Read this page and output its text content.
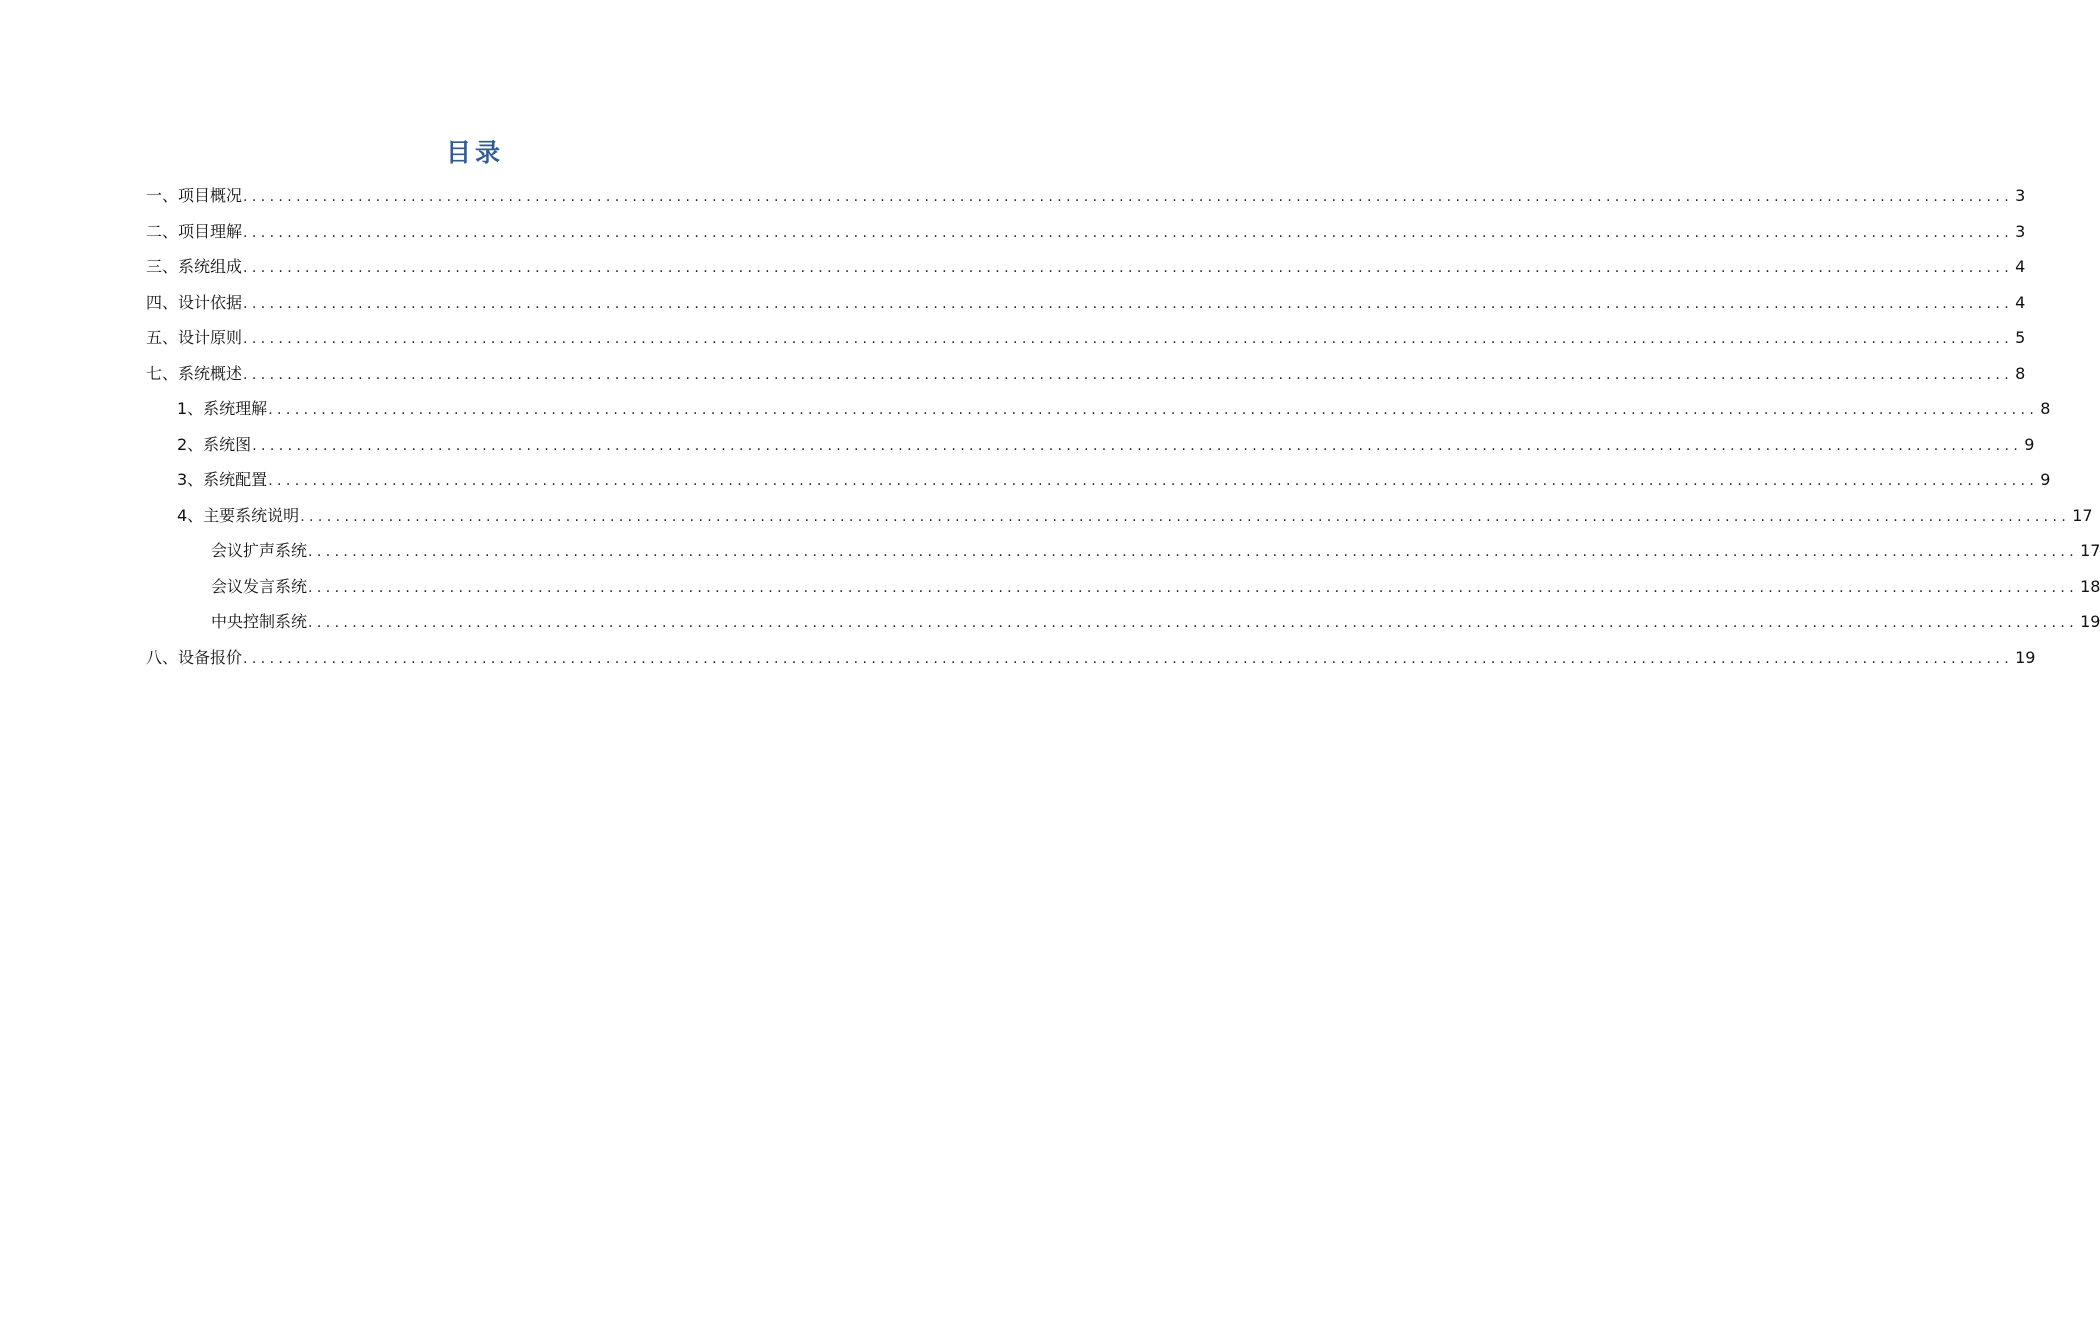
目录
一、项目概况 ........................................................................................................................................................................................................ 3
二、项目理解 ........................................................................................................................................................................................................ 3
三、系统组成 ........................................................................................................................................................................................................ 4
四、设计依据 ........................................................................................................................................................................................................ 4
五、设计原则 ........................................................................................................................................................................................................ 5
七、系统概述 ........................................................................................................................................................................................................ 8
1、系统理解 ........................................................................................................................................................................................................ 8
2、系统图 ........................................................................................................................................................................................................ 9
3、系统配置 ........................................................................................................................................................................................................ 9
4、主要系统说明 ........................................................................................................................................................................................................ 17
会议扩声系统 ........................................................................................................................................................................................................ 17
会议发言系统 ........................................................................................................................................................................................................ 18
中央控制系统 ........................................................................................................................................................................................................ 19
八、设备报价 ........................................................................................................................................................................................................ 19
